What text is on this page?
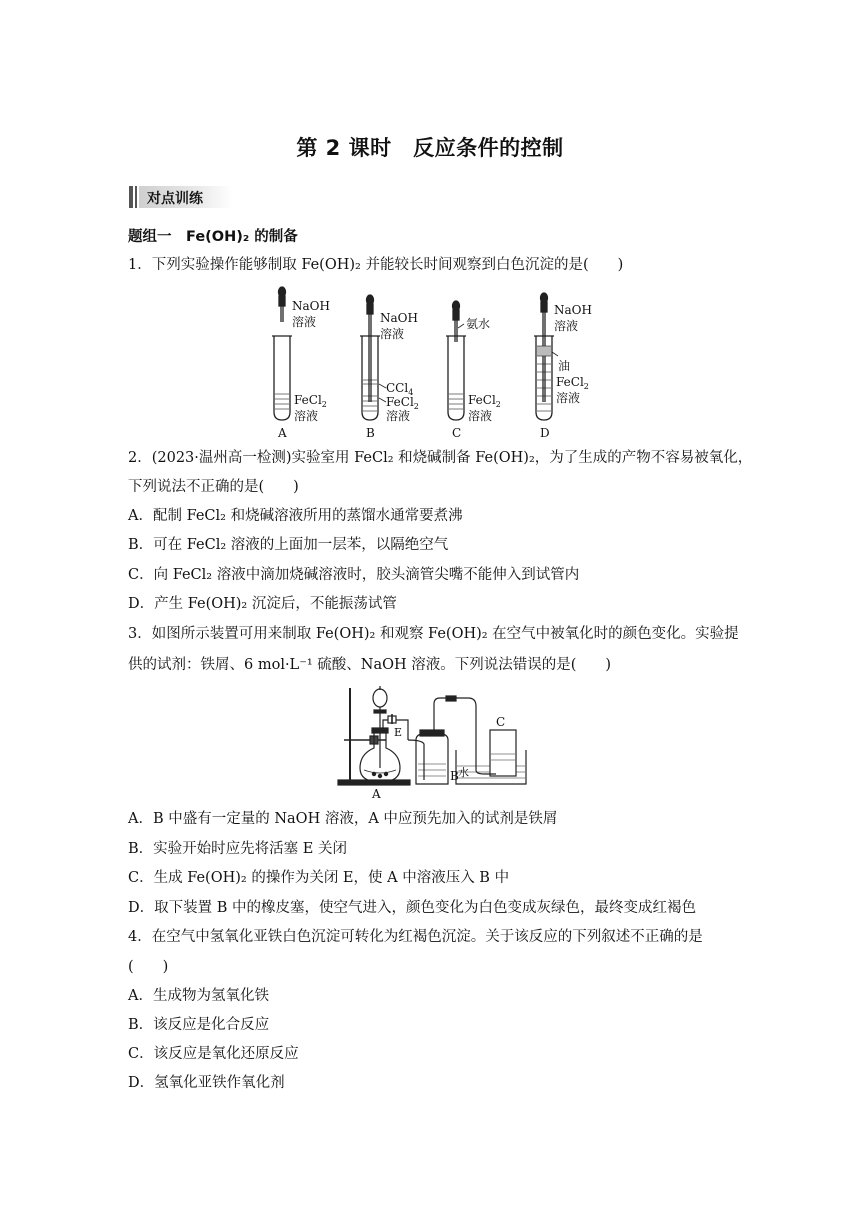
第 2 课时　反应条件的控制
对点训练
题组一　Fe(OH)₂ 的制备
1．下列实验操作能够制取 Fe(OH)₂ 并能较长时间观察到白色沉淀的是(　　)
NaOH
溶液
FeCl$_2$
溶液
NaOH
溶液
CCl$_4$
FeCl$_2$
溶液
氨水
FeCl$_2$
溶液
NaOH
溶液
油
FeCl$_2$
溶液
A	B	C	D
2．(2023·温州高一检测)实验室用 FeCl₂ 和烧碱制备 Fe(OH)₂，为了生成的产物不容易被氧化，
下列说法不正确的是(　　)
A．配制 FeCl₂ 和烧碱溶液所用的蒸馏水通常要煮沸
B．可在 FeCl₂ 溶液的上面加一层苯，以隔绝空气
C．向 FeCl₂ 溶液中滴加烧碱溶液时，胶头滴管尖嘴不能伸入到试管内
D．产生 Fe(OH)₂ 沉淀后，不能振荡试管
3．如图所示装置可用来制取 Fe(OH)₂ 和观察 Fe(OH)₂ 在空气中被氧化时的颜色变化。实验提
供的试剂：铁屑、6 mol·L⁻¹ 硫酸、NaOH 溶液。下列说法错误的是(　　)
E
B 水
C
A
A．B 中盛有一定量的 NaOH 溶液，A 中应预先加入的试剂是铁屑
B．实验开始时应先将活塞 E 关闭
C．生成 Fe(OH)₂ 的操作为关闭 E，使 A 中溶液压入 B 中
D．取下装置 B 中的橡皮塞，使空气进入，颜色变化为白色变成灰绿色，最终变成红褐色
4．在空气中氢氧化亚铁白色沉淀可转化为红褐色沉淀。关于该反应的下列叙述不正确的是
(　　)
A．生成物为氢氧化铁
B．该反应是化合反应
C．该反应是氧化还原反应
D．氢氧化亚铁作氧化剂
